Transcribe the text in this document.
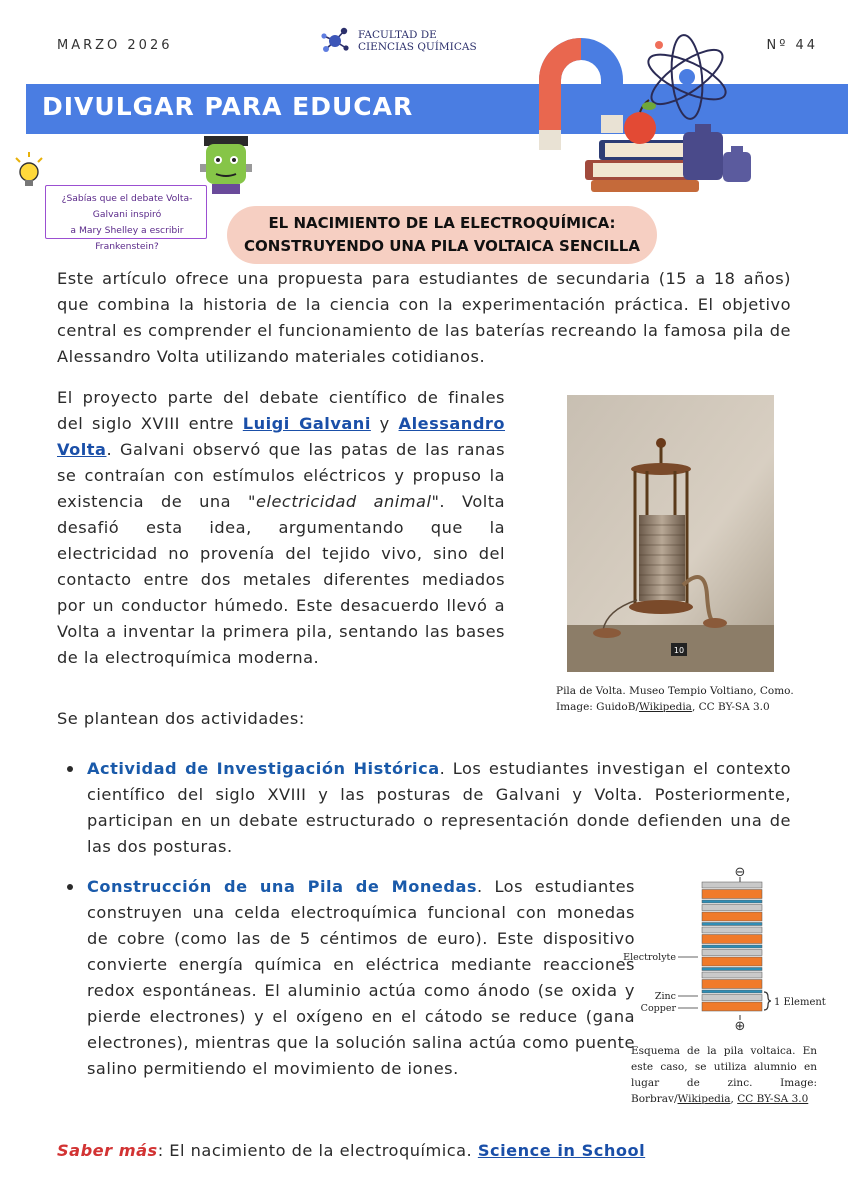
MARZO 2026
FACULTAD DE
CIENCIAS QUÍMICAS	Nº 44
DIVULGAR PARA EDUCAR
¿Sabías que el debate Volta-Galvani inspiró
a Mary Shelley a escribir Frankenstein?
EL NACIMIENTO DE LA ELECTROQUÍMICA:
CONSTRUYENDO UNA PILA VOLTAICA SENCILLA

Este artículo ofrece una propuesta para estudiantes de secundaria (15 a 18 años) que combina la historia de la ciencia con la experimentación práctica. El objetivo central es comprender el funcionamiento de las baterías recreando la famosa pila de Alessandro Volta utilizando materiales cotidianos.

El proyecto parte del debate científico de finales del siglo XVIII entre Luigi Galvani y Alessandro Volta. Galvani observó que las patas de las ranas se contraían con estímulos eléctricos y propuso la existencia de una "electricidad animal". Volta desafió esta idea, argumentando que la electricidad no provenía del tejido vivo, sino del contacto entre dos metales diferentes mediados por un conductor húmedo. Este desacuerdo llevó a Volta a inventar la primera pila, sentando las bases de la electroquímica moderna.	10
Pila de Volta. Museo Tempio Voltiano, Como.
Image: GuidoB/Wikipedia, CC BY-SA 3.0

Se plantean dos actividades:

Actividad de Investigación Histórica. Los estudiantes investigan el contexto científico del siglo XVIII y las posturas de Galvani y Volta. Posteriormente, participan en un debate estructurado o representación donde defienden una de las dos posturas.

Construcción de una Pila de Monedas. Los estudiantes construyen una celda electroquímica funcional con monedas de cobre (como las de 5 céntimos de euro). Este dispositivo convierte energía química en eléctrica mediante reacciones redox espontáneas. El aluminio actúa como ánodo (se oxida y pierde electrones) y el oxígeno en el cátodo se reduce (gana electrones), mientras que la solución salina actúa como puente salino permitiendo el movimiento de iones.

⊖
⊕
Electrolyte
Zinc
Copper
1 Element
Esquema de la pila voltaica. En este caso, se utiliza alumnio en lugar de zinc. Image: Borbrav/Wikipedia, CC BY-SA 3.0
Saber más: El nacimiento de la electroquímica. Science in School
